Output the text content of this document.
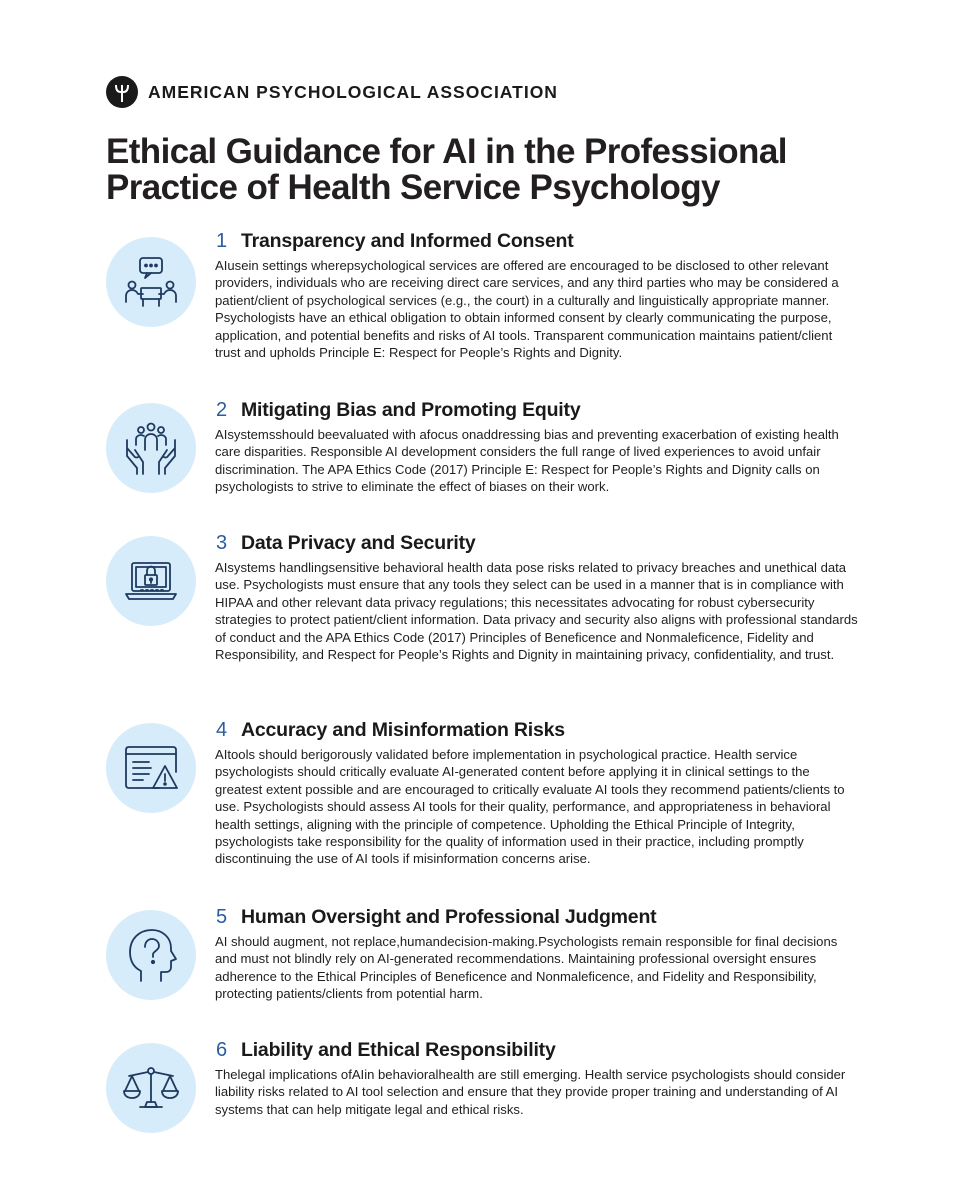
AMERICAN PSYCHOLOGICAL ASSOCIATION
Ethical Guidance for AI in the Professional Practice of Health Service Psychology
1 Transparency and Informed Consent

AIusein settings wherepsychological services are offered are encouraged to be disclosed to other relevant providers, individuals who are receiving direct care services, and any third parties who may be considered a patient/client of psychological services (e.g., the court) in a culturally and linguistically appropriate manner. Psychologists have an ethical obligation to obtain informed consent by clearly communicating the purpose, application, and potential benefits and risks of AI tools. Transparent communication maintains patient/client trust and upholds Principle E: Respect for People’s Rights and Dignity.

2 Mitigating Bias and Promoting Equity

AIsystemsshould beevaluated with afocus onaddressing bias and preventing exacerbation of existing health care disparities. Responsible AI development considers the full range of lived experiences to avoid unfair discrimination. The APA Ethics Code (2017) Principle E: Respect for People’s Rights and Dignity calls on psychologists to strive to eliminate the effect of biases on their work.

3 Data Privacy and Security

AIsystems handlingsensitive behavioral health data pose risks related to privacy breaches and unethical data use. Psychologists must ensure that any tools they select can be used in a manner that is in compliance with HIPAA and other relevant data privacy regulations; this necessitates advocating for robust cybersecurity strategies to protect patient/client information. Data privacy and security also aligns with professional standards of conduct and the APA Ethics Code (2017) Principles of Beneficence and Nonmaleficence, Fidelity and Responsibility, and Respect for People’s Rights and Dignity in maintaining privacy, confidentiality, and trust.

4 Accuracy and Misinformation Risks

AItools should berigorously validated before implementation in psychological practice. Health service psychologists should critically evaluate AI-generated content before applying it in clinical settings to the greatest extent possible and are encouraged to critically evaluate AI tools they recommend patients/clients to use. Psychologists should assess AI tools for their quality, performance, and appropriateness in behavioral health settings, aligning with the principle of competence. Upholding the Ethical Principle of Integrity, psychologists take responsibility for the quality of information used in their practice, including promptly discontinuing the use of AI tools if misinformation concerns arise.

5 Human Oversight and Professional Judgment

AI should augment, not replace,humandecision-making.Psychologists remain responsible for final decisions and must not blindly rely on AI-generated recommendations. Maintaining professional oversight ensures adherence to the Ethical Principles of Beneficence and Nonmaleficence, and Fidelity and Responsibility, protecting patients/clients from potential harm.

6 Liability and Ethical Responsibility

Thelegal implications ofAIin behavioralhealth are still emerging. Health service psychologists should consider liability risks related to AI tool selection and ensure that they provide proper training and understanding of AI systems that can help mitigate legal and ethical risks.
